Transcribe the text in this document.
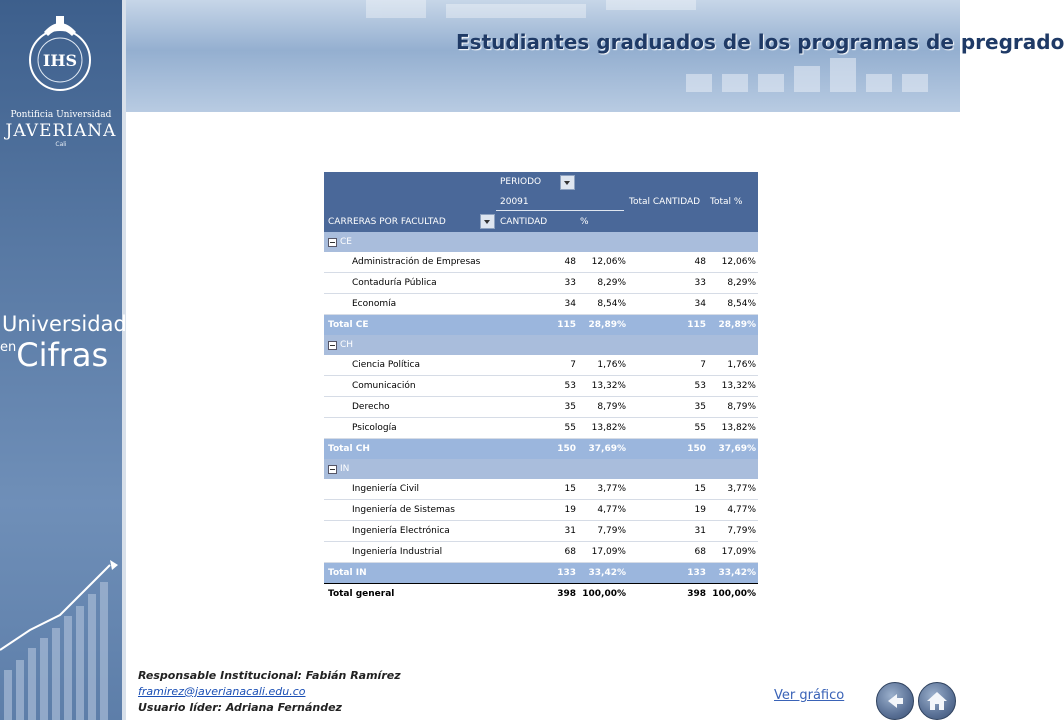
IHS
Pontificia Universidad
JAVERIANA
Cali
Universidad
$^{en}$Cifras
Estudiantes graduados de los programas de pregrado
PERIODO
20091	Total CANTIDAD Total %
CARRERAS POR FACULTAD	CANTIDAD	%
CE
Administración de Empresas	48 12,06%	48 12,06%
Contaduría Pública	33 8,29%	33 8,29%
Economía	34 8,54%	34 8,54%
Total CE	115 28,89%	115 28,89%
CH
Ciencia Política	7 1,76%	7 1,76%
Comunicación	53 13,32%	53 13,32%
Derecho	35 8,79%	35 8,79%
Psicología	55 13,82%	55 13,82%
Total CH	150 37,69%	150 37,69%
IN
Ingeniería Civil	15 3,77%	15 3,77%
Ingeniería de Sistemas	19 4,77%	19 4,77%
Ingeniería Electrónica	31 7,79%	31 7,79%
Ingeniería Industrial	68 17,09%	68 17,09%
Total IN	133 33,42%	133 33,42%
Total general	398 100,00%	398 100,00%
Responsable Institucional: Fabián Ramírez
framirez@javerianacali.edu.co
Usuario líder: Adriana Fernández
Ver gráfico
